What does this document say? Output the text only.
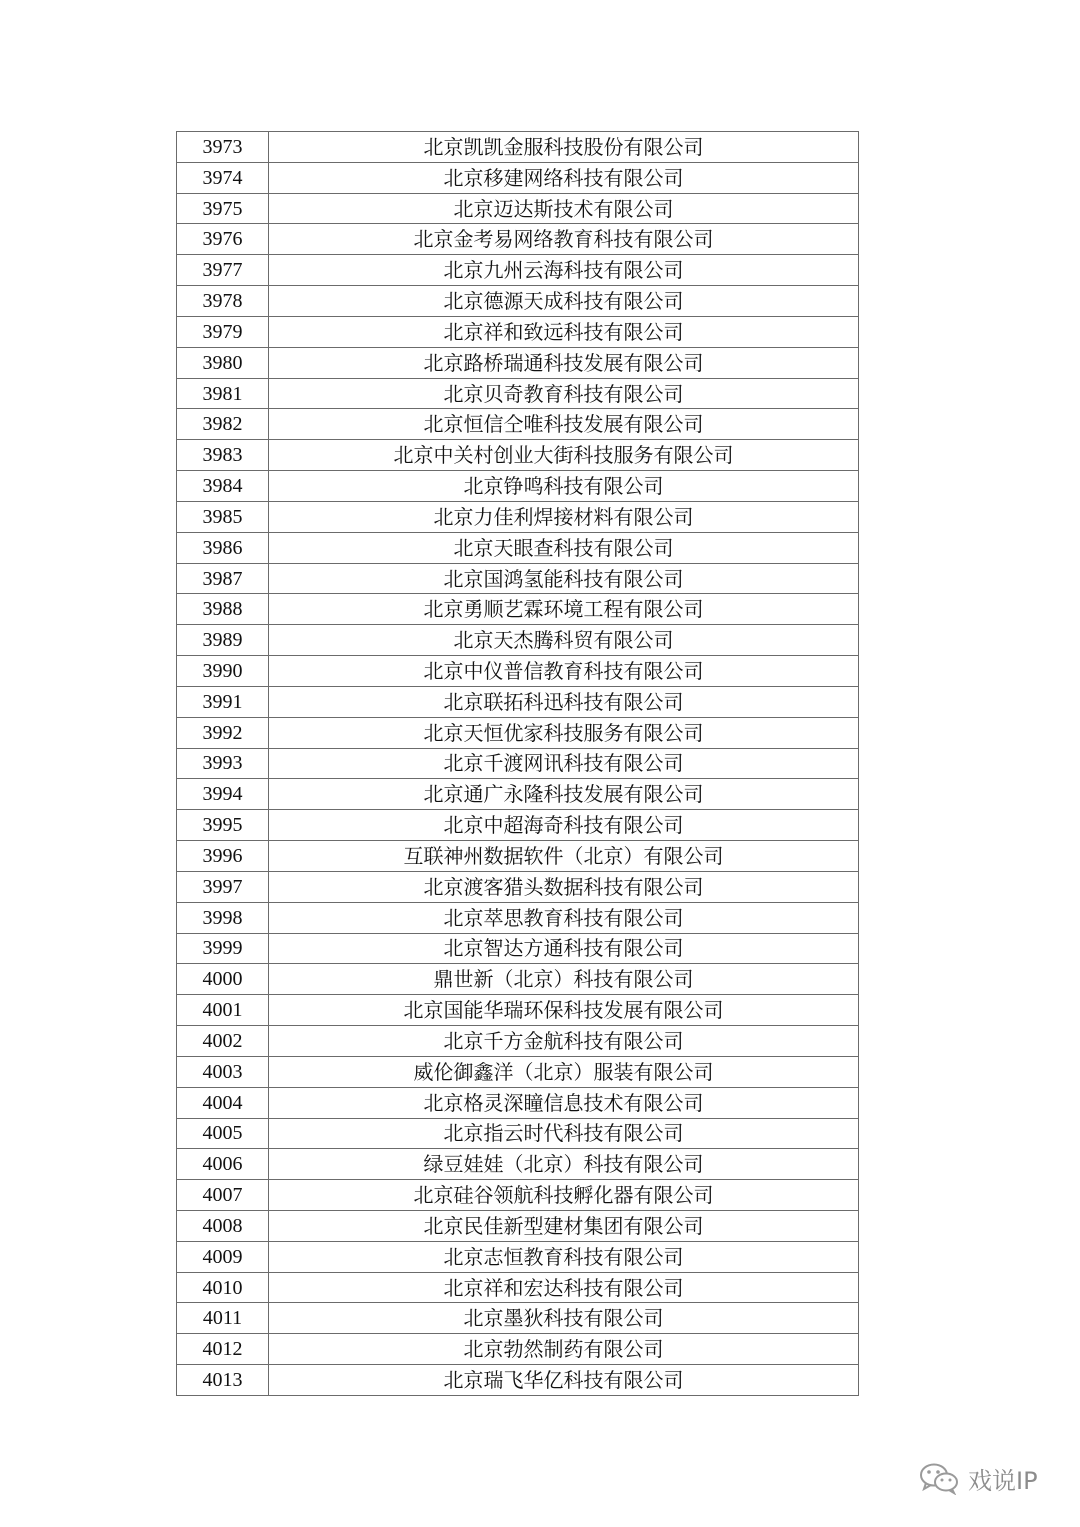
3973	北京凯凯金服科技股份有限公司
3974	北京移建网络科技有限公司
3975	北京迈达斯技术有限公司
3976	北京金考易网络教育科技有限公司
3977	北京九州云海科技有限公司
3978	北京德源天成科技有限公司
3979	北京祥和致远科技有限公司
3980	北京路桥瑞通科技发展有限公司
3981	北京贝奇教育科技有限公司
3982	北京恒信仝唯科技发展有限公司
3983	北京中关村创业大街科技服务有限公司
3984	北京铮鸣科技有限公司
3985	北京力佳利焊接材料有限公司
3986	北京天眼查科技有限公司
3987	北京国鸿氢能科技有限公司
3988	北京勇顺艺霖环境工程有限公司
3989	北京天杰腾科贸有限公司
3990	北京中仪普信教育科技有限公司
3991	北京联拓科迅科技有限公司
3992	北京天恒优家科技服务有限公司
3993	北京千渡网讯科技有限公司
3994	北京通广永隆科技发展有限公司
3995	北京中超海奇科技有限公司
3996	互联神州数据软件（北京）有限公司
3997	北京渡客猎头数据科技有限公司
3998	北京萃思教育科技有限公司
3999	北京智达方通科技有限公司
4000	鼎世新（北京）科技有限公司
4001	北京国能华瑞环保科技发展有限公司
4002	北京千方金航科技有限公司
4003	威伦御鑫洋（北京）服装有限公司
4004	北京格灵深瞳信息技术有限公司
4005	北京指云时代科技有限公司
4006	绿豆娃娃（北京）科技有限公司
4007	北京硅谷领航科技孵化器有限公司
4008	北京民佳新型建材集团有限公司
4009	北京志恒教育科技有限公司
4010	北京祥和宏达科技有限公司
4011	北京墨狄科技有限公司
4012	北京勃然制药有限公司
4013	北京瑞飞华亿科技有限公司
戏说IP
